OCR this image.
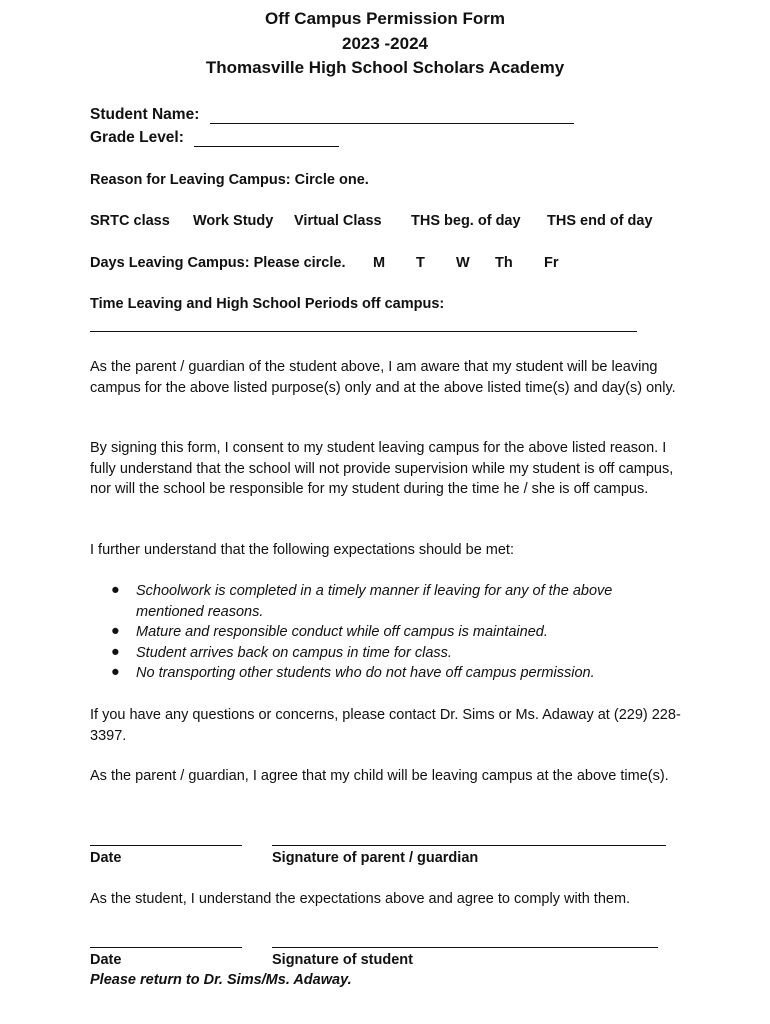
Off Campus Permission Form
2023 -2024
Thomasville High School Scholars Academy
Student Name:
Grade Level:
Reason for Leaving Campus: Circle one.
SRTC class Work Study Virtual Class THS beg. of day THS end of day
Days Leaving Campus: Please circle. M T W Th Fr
Time Leaving and High School Periods off campus:
As the parent / guardian of the student above, I am aware that my student will be leaving campus for the above listed purpose(s) only and at the above listed time(s) and day(s) only.
By signing this form, I consent to my student leaving campus for the above listed reason. I fully understand that the school will not provide supervision while my student is off campus, nor will the school be responsible for my student during the time he / she is off campus.
I further understand that the following expectations should be met:
● Schoolwork is completed in a timely manner if leaving for any of the above mentioned reasons.
● Mature and responsible conduct while off campus is maintained.
● Student arrives back on campus in time for class.
● No transporting other students who do not have off campus permission.
If you have any questions or concerns, please contact Dr. Sims or Ms. Adaway at (229) 228-3397.
As the parent / guardian, I agree that my child will be leaving campus at the above time(s).
Date	Signature of parent / guardian
As the student, I understand the expectations above and agree to comply with them.
Date	Signature of student
Please return to Dr. Sims/Ms. Adaway.
